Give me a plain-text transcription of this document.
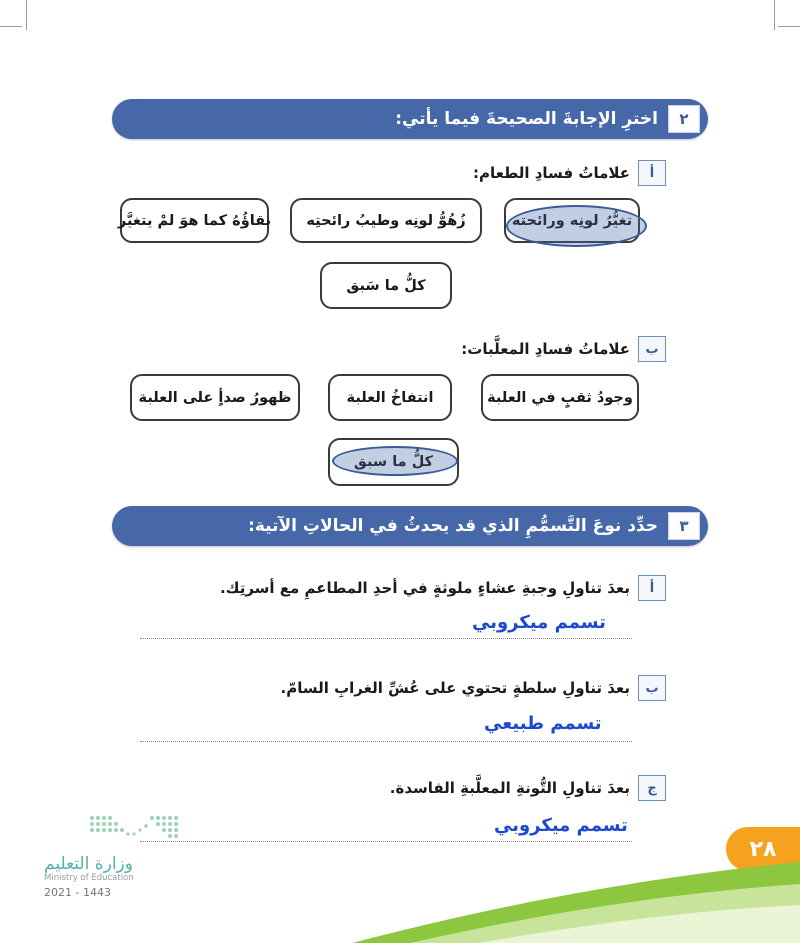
٢
اخترِ الإجابةَ الصحيحةَ فيما يأتي:
أ
علاماتُ فسادِ الطعام:
تغيُّرُ لونِه ورائحته
زُهُوُّ لونِه وطيبُ رائحتِه
بقاؤُهُ كما هوَ لمْ يتغيَّر
كلُّ ما سَبق
ب
علاماتُ فسادِ المعلَّبات:
وجودُ ثقبٍ في العلبة
انتفاخُ العلبة
ظهورُ صدأٍ على العلبة
كلُّ ما سبق
٣
حدِّد نوعَ التَّسمُّمِ الذي قد يحدثُ في الحالاتِ الآتية:
أ
بعدَ تناولِ وجبةِ عشاءٍ ملوثةٍ في أحدِ المطاعمِ مع أسرتِك.
تسمم ميكروبي
ب
بعدَ تناولِ سلطةٍ تحتوي على عُشِّ الغرابِ السامّ.
تسمم طبيعي
ج
بعدَ تناولِ التُّونةِ المعلَّبةِ الفاسدة.
تسمم ميكروبي
٢٨
وزارة التعليم
Ministry of Education
2021 - 1443
